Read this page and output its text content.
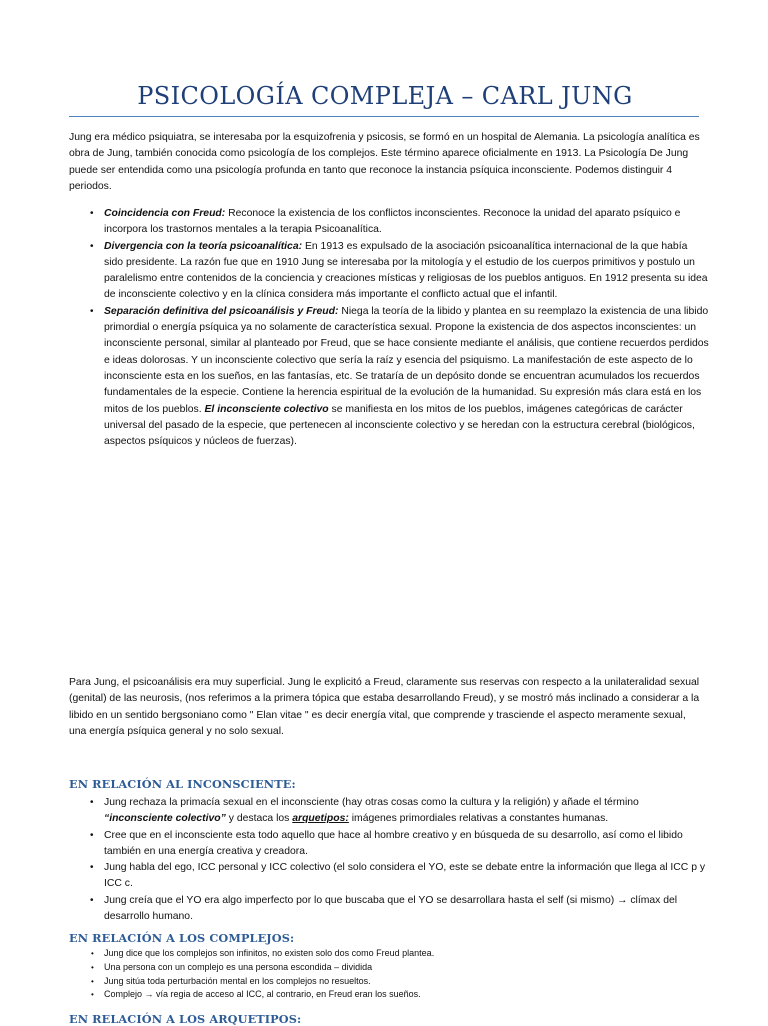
PSICOLOGÍA COMPLEJA – CARL JUNG

Jung era médico psiquiatra, se interesaba por la esquizofrenia y psicosis, se formó en un hospital de Alemania. La psicología analítica es obra de Jung, también conocida como psicología de los complejos. Este término aparece oficialmente en 1913. La Psicología De Jung puede ser entendida como una psicología profunda en tanto que reconoce la instancia psíquica inconsciente. Podemos distinguir 4 periodos.

• Coincidencia con Freud: Reconoce la existencia de los conflictos inconscientes. Reconoce la unidad del aparato psíquico e incorpora los trastornos mentales a la terapia Psicoanalítica.
• Divergencia con la teoría psicoanalítica: En 1913 es expulsado de la asociación psicoanalítica internacional de la que había sido presidente. La razón fue que en 1910 Jung se interesaba por la mitología y el estudio de los cuerpos primitivos y postulo un paralelismo entre contenidos de la conciencia y creaciones místicas y religiosas de los pueblos antiguos. En 1912 presenta su idea de inconsciente colectivo y en la clínica considera más importante el conflicto actual que el infantil.
• Separación definitiva del psicoanálisis y Freud: Niega la teoría de la libido y plantea en su reemplazo la existencia de una libido primordial o energía psíquica ya no solamente de característica sexual. Propone la existencia de dos aspectos inconscientes: un inconsciente personal, similar al planteado por Freud, que se hace consiente mediante el análisis, que contiene recuerdos perdidos e ideas dolorosas. Y un inconsciente colectivo que sería la raíz y esencia del psiquismo. La manifestación de este aspecto de lo inconsciente esta en los sueños, en las fantasías, etc. Se trataría de un depósito donde se encuentran acumulados los recuerdos fundamentales de la especie. Contiene la herencia espiritual de la evolución de la humanidad. Su expresión más clara está en los mitos de los pueblos. El inconsciente colectivo se manifiesta en los mitos de los pueblos, imágenes categóricas de carácter universal del pasado de la especie, que pertenecen al inconsciente colectivo y se heredan con la estructura cerebral (biológicos, aspectos psíquicos y núcleos de fuerzas).

Para Jung, el psicoanálisis era muy superficial. Jung le explicitó a Freud, claramente sus reservas con respecto a la unilateralidad sexual (genital) de las neurosis, (nos referimos a la primera tópica que estaba desarrollando Freud), y se mostró más inclinado a considerar a la libido en un sentido bergsoniano como " Elan vitae " es decir energía vital, que comprende y trasciende el aspecto meramente sexual, una energía psíquica general y no solo sexual.

EN RELACIÓN AL INCONSCIENTE:
• Jung rechaza la primacía sexual en el inconsciente (hay otras cosas como la cultura y la religión) y añade el término “inconsciente colectivo” y destaca los arquetipos: imágenes primordiales relativas a constantes humanas.
• Cree que en el inconsciente esta todo aquello que hace al hombre creativo y en búsqueda de su desarrollo, así como el libido también en una energía creativa y creadora.
• Jung habla del ego, ICC personal y ICC colectivo (el solo considera el YO, este se debate entre la información que llega al ICC p y ICC c.
• Jung creía que el YO era algo imperfecto por lo que buscaba que el YO se desarrollara hasta el self (si mismo) → clímax del desarrollo humano.
EN RELACIÓN A LOS COMPLEJOS:
• Jung dice que los complejos son infinitos, no existen solo dos como Freud plantea.
• Una persona con un complejo es una persona escondida – dividida
• Jung sitúa toda perturbación mental en los complejos no resueltos.
• Complejo → vía regia de acceso al ICC, al contrario, en Freud eran los sueños.
EN RELACIÓN A LOS ARQUETIPOS:
